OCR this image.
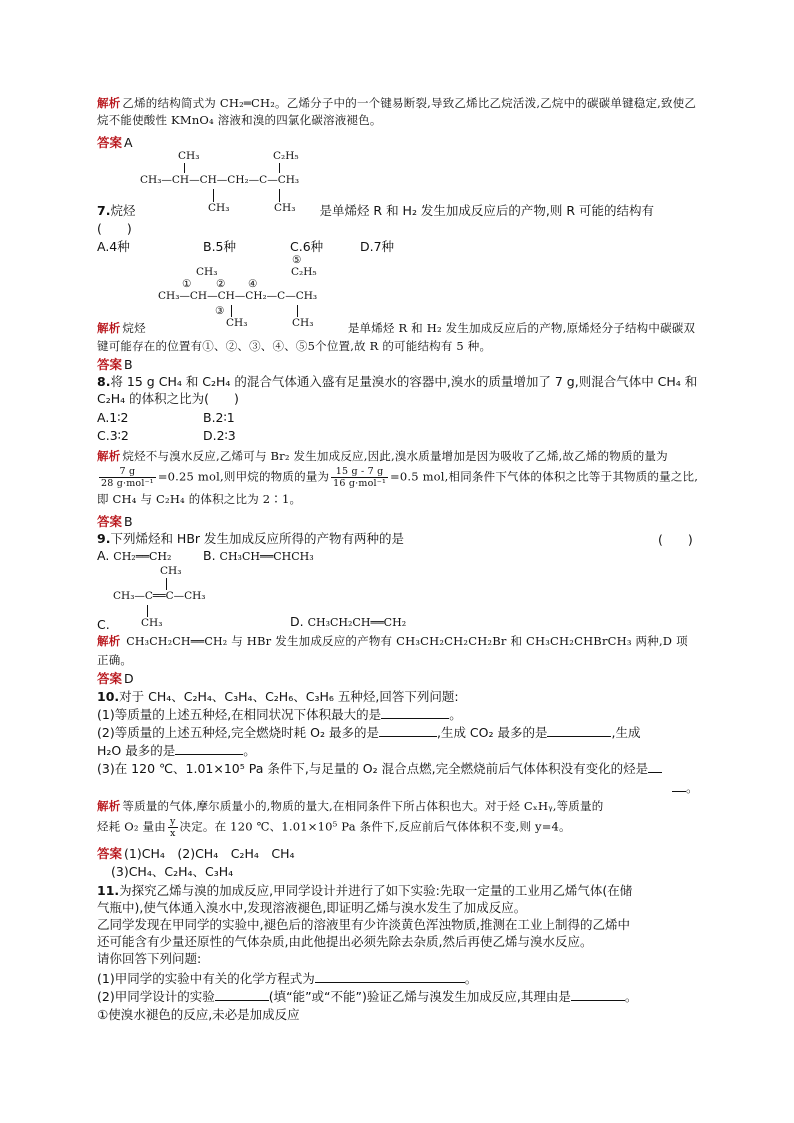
解析 乙烯的结构简式为 CH₂═CH₂。乙烯分子中的一个键易断裂,导致乙烯比乙烷活泼,乙烷中的碳碳单键稳定,致使乙烷不能使酸性 KMnO₄ 溶液和溴的四氯化碳溶液褪色。
答案 A
CH₃	C₂H₅
CH₃—CH—CH—CH₂—C—CH₃
CH₃	CH₃
7.烷烃	是单烯烃 R 和 H₂ 发生加成反应后的产物,则 R 可能的结构有
(　　)
A.4种	B.5种	C.6种	D.7种
⑤
CH₃	C₂H₅
① ② ④
CH₃—CH—CH—CH₂—C—CH₃
③
CH₃	CH₃
解析 烷烃	是单烯烃 R 和 H₂ 发生加成反应后的产物,原烯烃分子结构中碳碳双键可能存在的位置有①、②、③、④、⑤5个位置,故 R 的可能结构有 5 种。
答案 B
8.将 15 g CH₄ 和 C₂H₄ 的混合气体通入盛有足量溴水的容器中,溴水的质量增加了 7 g,则混合气体中 CH₄ 和 C₂H₄ 的体积之比为(　　)
A.1∶2	B.2∶1
C.3∶2	D.2∶3
解析 烷烃不与溴水反应,乙烯可与 Br₂ 发生加成反应,因此,溴水质量增加是因为吸收了乙烯,故乙烯的物质的量为
$\frac{7 g}{\text{28 g·mol⁻¹}} =0.25$ mol,则甲烷的物质的量为 $\frac{15 g - 7 g}{\text{16 g·mol⁻¹}} =0.5$ mol,相同条件下气体的体积之比等于其物质的量之比,即 CH₄ 与 C₂H₄ 的体积之比为 2∶1。
答案 B
9.下列烯烃和 HBr 发生加成反应所得的产物有两种的是	(　　)
A. CH₂══CH₂	B. CH₃CH══CHCH₃
CH₃
CH₃—C══C—CH₃
CH₃
C.	D. CH₃CH₂CH══CH₂
解析 CH₃CH₂CH══CH₂ 与 HBr 发生加成反应的产物有 CH₃CH₂CH₂CH₂Br 和 CH₃CH₂CHBrCH₃ 两种,D 项正确。
答案 D
10.对于 CH₄、C₂H₄、C₃H₄、C₂H₆、C₃H₆ 五种烃,回答下列问题:
(1)等质量的上述五种烃,在相同状况下体积最大的是	。
(2)等质量的上述五种烃,完全燃烧时耗 O₂ 最多的是	,生成 CO₂ 最多的是	,生成
H₂O 最多的是	。
(3)在 120 ℃、1.01×10⁵ Pa 条件下,与足量的 O₂ 混合点燃,完全燃烧前后气体体积没有变化的烃是
。
解析 等质量的气体,摩尔质量小的,物质的量大,在相同条件下所占体积也大。对于烃 CₓHᵧ,等质量的
烃耗 O₂ 量由 $\frac{y}{x}$ 决定。在 120 ℃、1.01×10⁵ Pa 条件下,反应前后气体体积不变,则 y=4。
答案 (1)CH₄　(2)CH₄　C₂H₄　CH₄
(3)CH₄、C₂H₄、C₃H₄
11.为探究乙烯与溴的加成反应,甲同学设计并进行了如下实验:先取一定量的工业用乙烯气体(在储
气瓶中),使气体通入溴水中,发现溶液褪色,即证明乙烯与溴水发生了加成反应。
乙同学发现在甲同学的实验中,褪色后的溶液里有少许淡黄色浑浊物质,推测在工业上制得的乙烯中
还可能含有少量还原性的气体杂质,由此他提出必须先除去杂质,然后再使乙烯与溴水反应。
请你回答下列问题:
(1)甲同学的实验中有关的化学方程式为	。
(2)甲同学设计的实验	(填“能”或“不能”)验证乙烯与溴发生加成反应,其理由是	。
①使溴水褪色的反应,未必是加成反应
